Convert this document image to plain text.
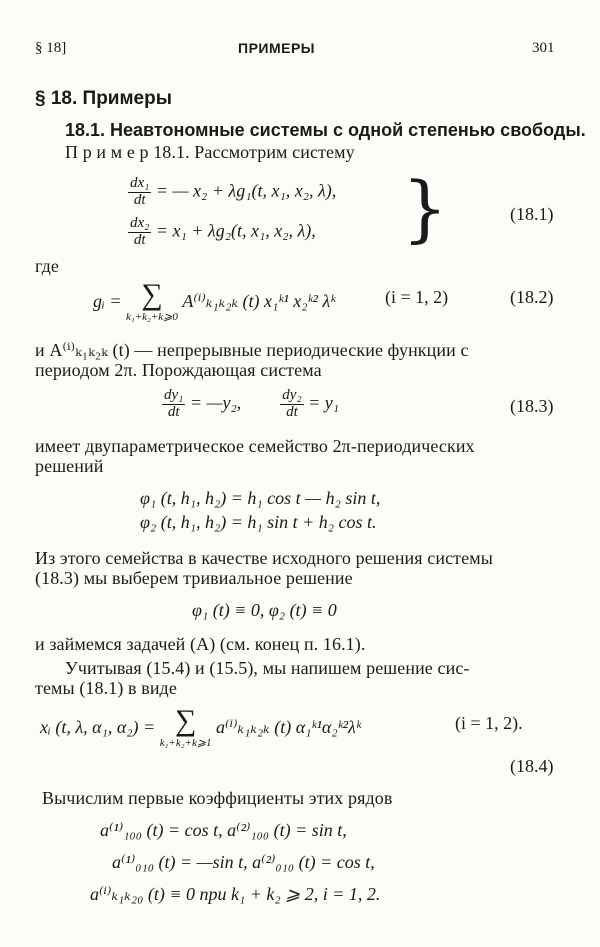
§ 18]	ПРИМЕРЫ	301
§ 18. Примеры
18.1. Неавтономные системы с одной степенью свободы.
П р и м е р 18.1. Рассмотрим систему
$\frac{\text{dx₁}}{dt}$ = — x₂ + λg₁(t, x₁, x₂, λ),
$\frac{\text{dx₂}}{dt} = x_1 + \lambda g_2(t$, x₁, x₂, λ), }	(18.1)
где
gᵢ = ∑
k₁+k₂+k⩾0
A⁽ⁱ⁾ₖ₁ₖ₂ₖ (t) x₁ᵏ¹ x₂ᵏ² λᵏ	(i = 1, 2)	(18.2)
и A⁽ⁱ⁾ₖ₁ₖ₂ₖ (t) — непрерывные периодические функции с
периодом 2π. Порождающая система
$\frac{\text{dy₁}}{dt}$ = —y₂,	$\frac{\text{dy₂}}{dt} = y_1$	(18.3)
имеет двупараметрическое семейство 2π-периодических
решений
φ₁ (t, h₁, h₂) = h₁ cos t — h₂ sin t,
φ₂ (t, h₁, h₂) = h₁ sin t + h₂ cos t.
Из этого семейства в качестве исходного решения системы
(18.3) мы выберем тривиальное решение
φ₁ (t) ≡ 0, φ₂ (t) ≡ 0
и займемся задачей (A) (см. конец п. 16.1).
Учитывая (15.4) и (15.5), мы напишем решение сис-
темы (18.1) в виде
xᵢ (t, λ, α₁, α₂) = ∑
k₁+k₂+k⩾1
a⁽ⁱ⁾ₖ₁ₖ₂ₖ (t) α₁ᵏ¹α₂ᵏ²λᵏ	(i = 1, 2).
(18.4)
Вычислим первые коэффициенты этих рядов
a⁽¹⁾₁₀₀ (t) = cos t, a⁽²⁾₁₀₀ (t) = sin t,
a⁽¹⁾₀₁₀ (t) = —sin t, a⁽²⁾₀₁₀ (t) = cos t,
a⁽ⁱ⁾ₖ₁ₖ₂₀ (t) ≡ 0 при k₁ + k₂ ⩾ 2, i = 1, 2.
